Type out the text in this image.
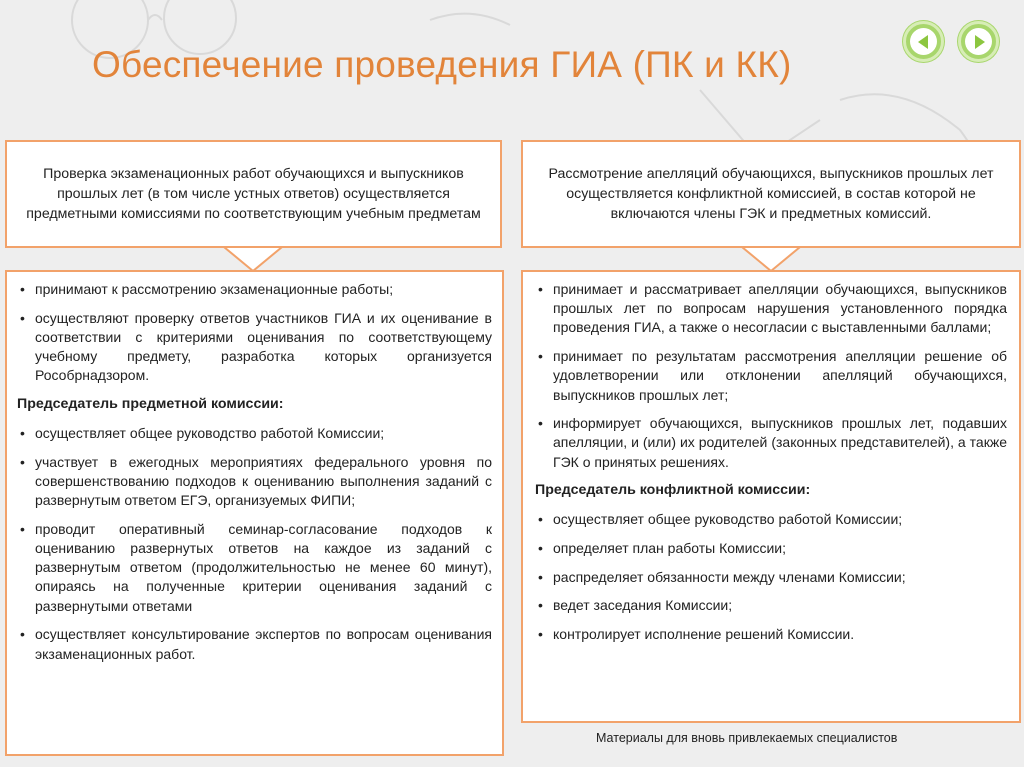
Обеспечение проведения ГИА (ПК и КК)
Проверка экзаменационных работ обучающихся и выпускников прошлых лет (в том числе устных ответов) осуществляется предметными комиссиями по соответствующим учебным предметам
Рассмотрение апелляций обучающихся, выпускников прошлых лет осуществляется конфликтной комиссией, в состав которой не включаются члены ГЭК и предметных комиссий.
• принимают к рассмотрению экзаменационные работы;
• осуществляют проверку ответов участников ГИА и их оценивание в соответствии с критериями оценивания по соответствующему учебному предмету, разработка которых организуется Рособрнадзором.
Председатель предметной комиссии:
• осуществляет общее руководство работой Комиссии;
• участвует в ежегодных мероприятиях федерального уровня по совершенствованию подходов к оцениванию выполнения заданий с развернутым ответом ЕГЭ, организуемых ФИПИ;
• проводит оперативный семинар-согласование подходов к оцениванию развернутых ответов на каждое из заданий с развернутым ответом (продолжительностью не менее 60 минут), опираясь на полученные критерии оценивания заданий с развернутыми ответами
• осуществляет консультирование экспертов по вопросам оценивания экзаменационных работ.
• принимает и рассматривает апелляции обучающихся, выпускников прошлых лет по вопросам нарушения установленного порядка проведения ГИА, а также о несогласии с выставленными баллами;
• принимает по результатам рассмотрения апелляции решение об удовлетворении или отклонении апелляций обучающихся, выпускников прошлых лет;
• информирует обучающихся, выпускников прошлых лет, подавших апелляции, и (или) их родителей (законных представителей), а также ГЭК о принятых решениях.
Председатель конфликтной комиссии:
• осуществляет общее руководство работой Комиссии;
• определяет план работы Комиссии;
• распределяет обязанности между членами Комиссии;
• ведет заседания Комиссии;
• контролирует исполнение решений Комиссии.
Материалы для вновь привлекаемых специалистов
